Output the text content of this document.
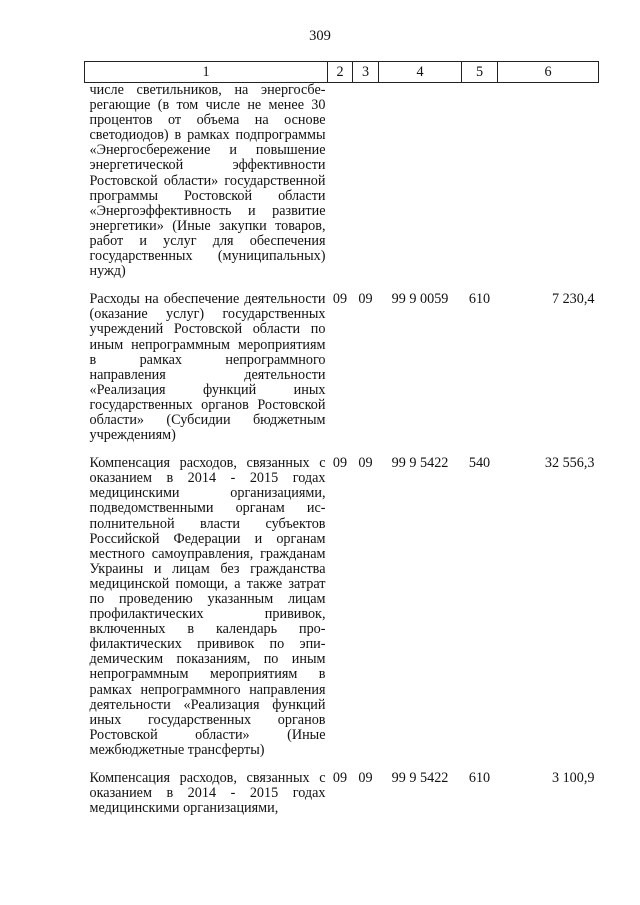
309
1	2	3	4	5	6
числе светильников, на энергосберегающие (в том числе не менее 30 процентов от объема на основе светодиодов) в рамках подпрограммы «Энергосбережение и повышение энергетической эффективности Ростовской области» государственной программы Ростовской области «Энергоэффективность и развитие энергетики» (Иные закупки товаров, работ и услуг для обеспечения государственных (муниципальных) нужд)					

Расходы на обеспечение деятельности (оказание услуг) государственных учреждений Ростовской области по иным непрограммным мероприятиям в рамках непрограммного направления деятельности «Реализация функций иных государственных органов Ростовской области» (Субсидии бюджетным учреждениям)	09	09	99 9 0059	610	7 230,4

Компенсация расходов, связанных с оказанием в 2014 - 2015 годах медицинскими организациями, подведомственными органам исполнительной власти субъектов Российской Федерации и органам местного самоуправления, гражданам Украины и лицам без гражданства медицинской помощи, а также затрат по проведению указанным лицам профилактических прививок, включенных в календарь профилактических прививок по эпидемическим показаниям, по иным непрограммным мероприятиям в рамках непрограммного направления деятельности «Реализация функций иных государственных органов Ростовской области» (Иные межбюджетные трансферты)	09	09	99 9 5422	540	32 556,3

Компенсация расходов, связанных с оказанием в 2014 - 2015 годах медицинскими организациями,	09	09	99 9 5422	610	3 100,9
